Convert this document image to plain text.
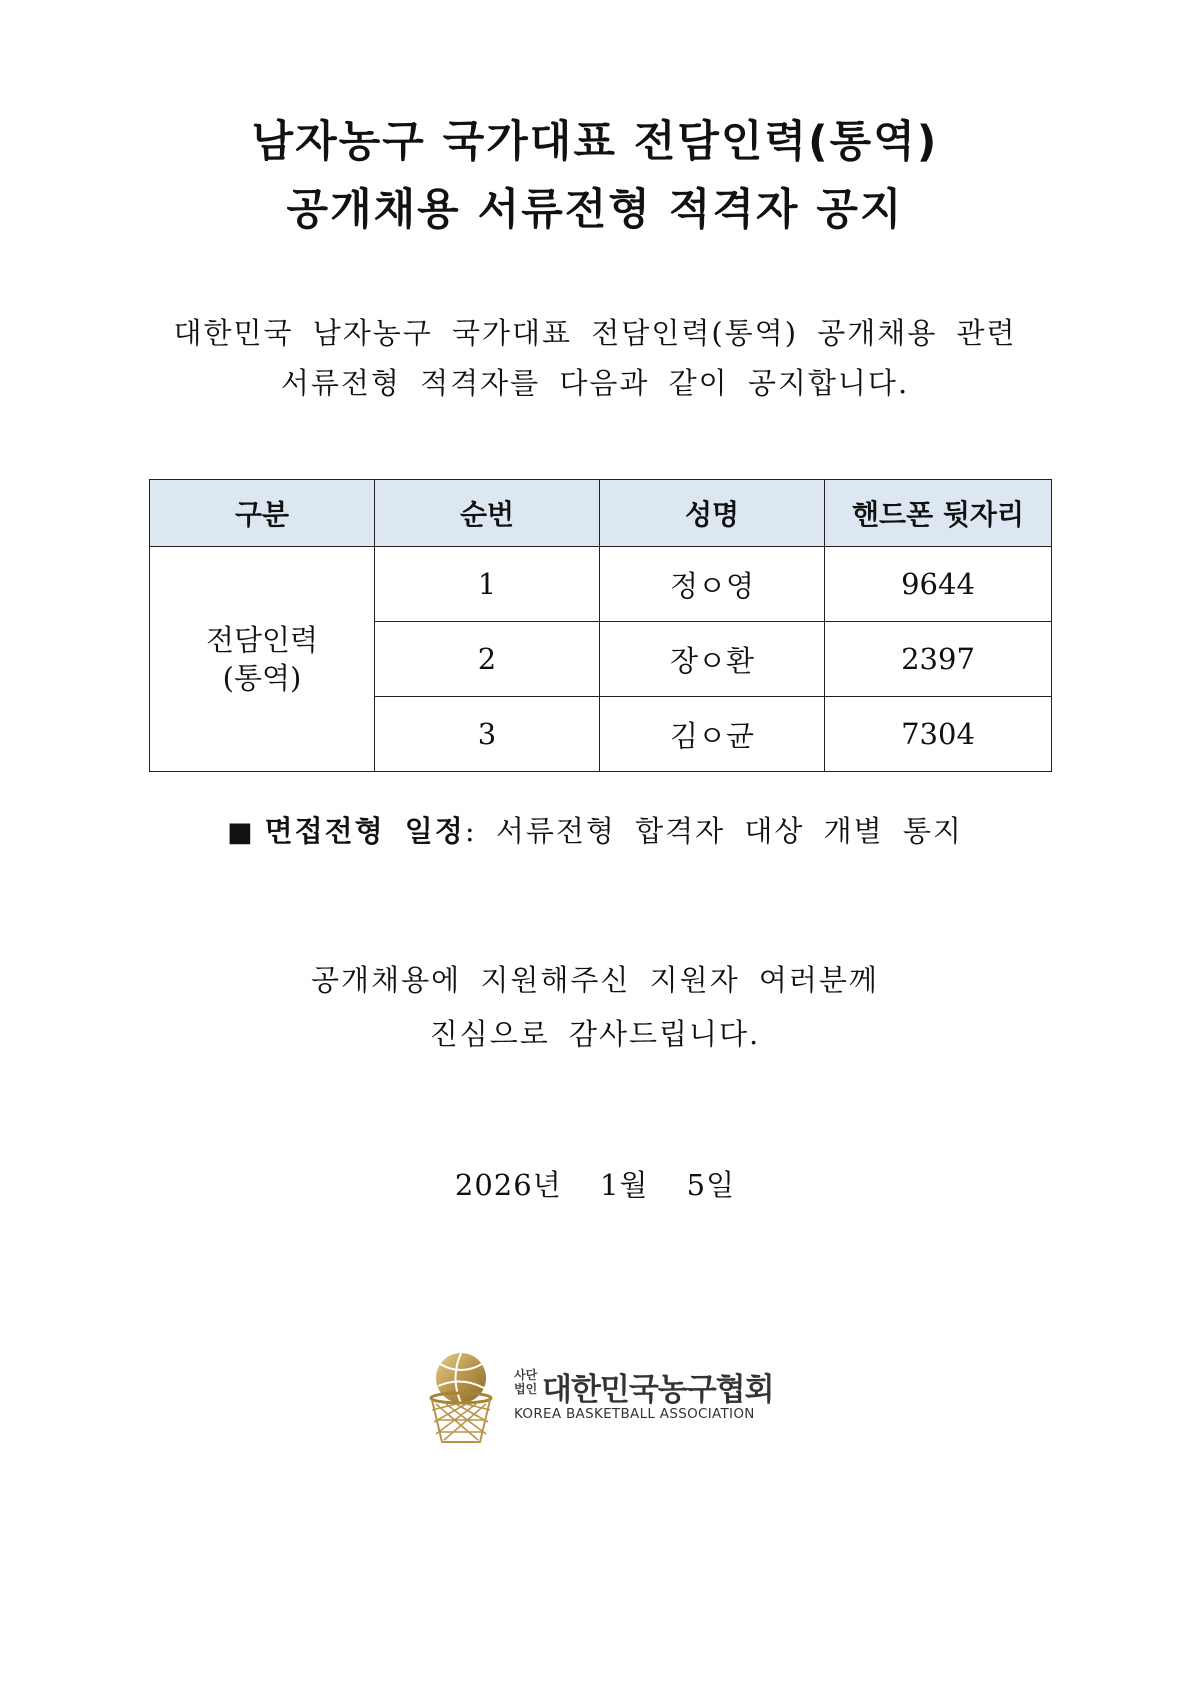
남자농구 국가대표 전담인력(통역)
공개채용 서류전형 적격자 공지
대한민국 남자농구 국가대표 전담인력(통역) 공개채용 관련
서류전형 적격자를 다음과 같이 공지합니다.
구분	순번	성명	핸드폰 뒷자리

전담인력
(통역)	1	정ㅇ영	9644
	2	장ㅇ환	2397
	3	김ㅇ균	7304
■ 면접전형 일정: 서류전형 합격자 대상 개별 통지
공개채용에 지원해주신 지원자 여러분께
진심으로 감사드립니다.
2026년 1월 5일
사단
법인 대한민국농구협회
KOREA BASKETBALL ASSOCIATION
